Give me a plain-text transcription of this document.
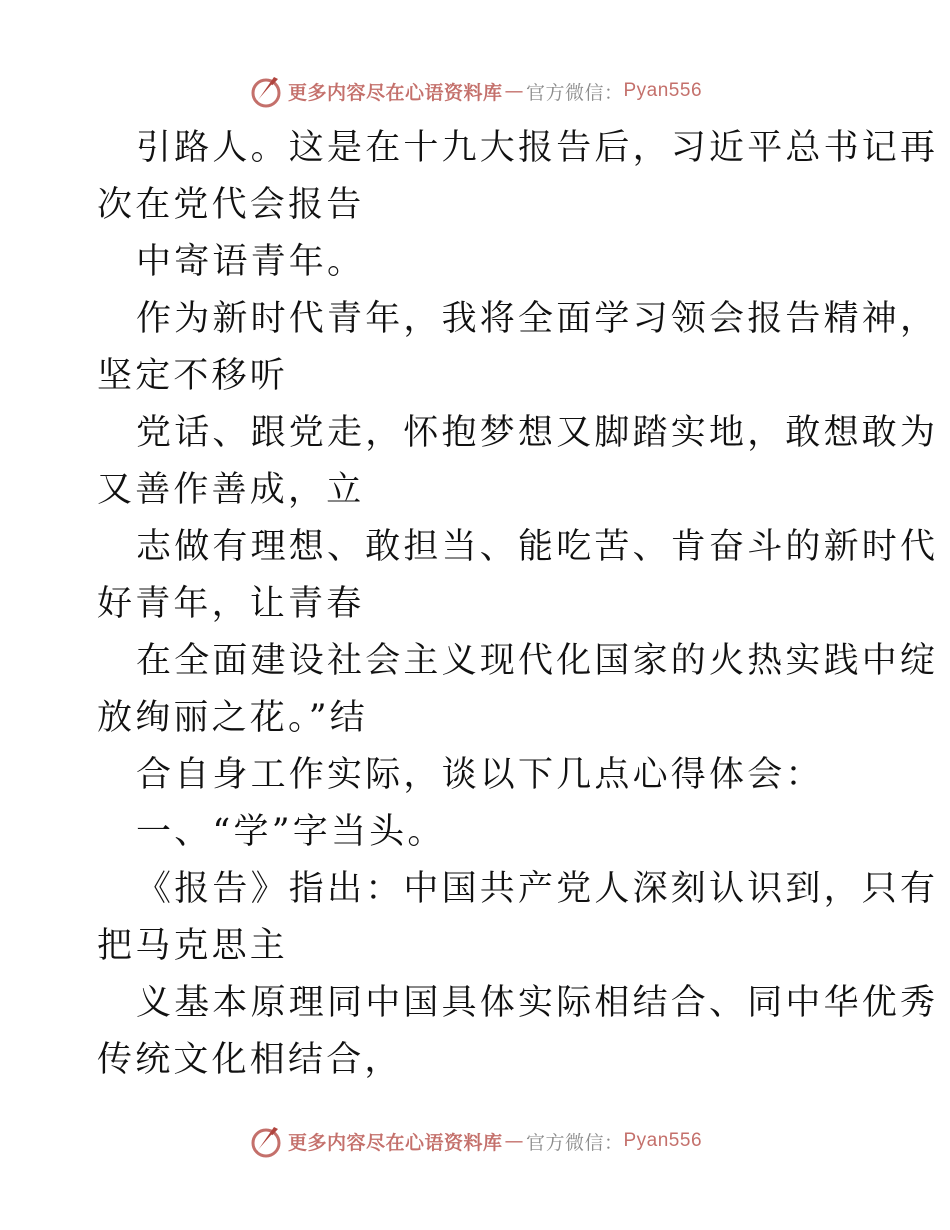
更多内容尽在心语资料库 — 官方微信： Pyan556
引路人。这是在十九大报告后，习近平总书记再
次在党代会报告
中寄语青年。
作为新时代青年，我将全面学习领会报告精神，
坚定不移听
党话、跟党走，怀抱梦想又脚踏实地，敢想敢为
又善作善成，立
志做有理想、敢担当、能吃苦、肯奋斗的新时代
好青年，让青春
在全面建设社会主义现代化国家的火热实践中绽
放绚丽之花。”结
合自身工作实际，谈以下几点心得体会：
一、“学”字当头。
《报告》指出：中国共产党人深刻认识到，只有
把马克思主
义基本原理同中国具体实际相结合、同中华优秀
传统文化相结合，
更多内容尽在心语资料库 — 官方微信： Pyan556
